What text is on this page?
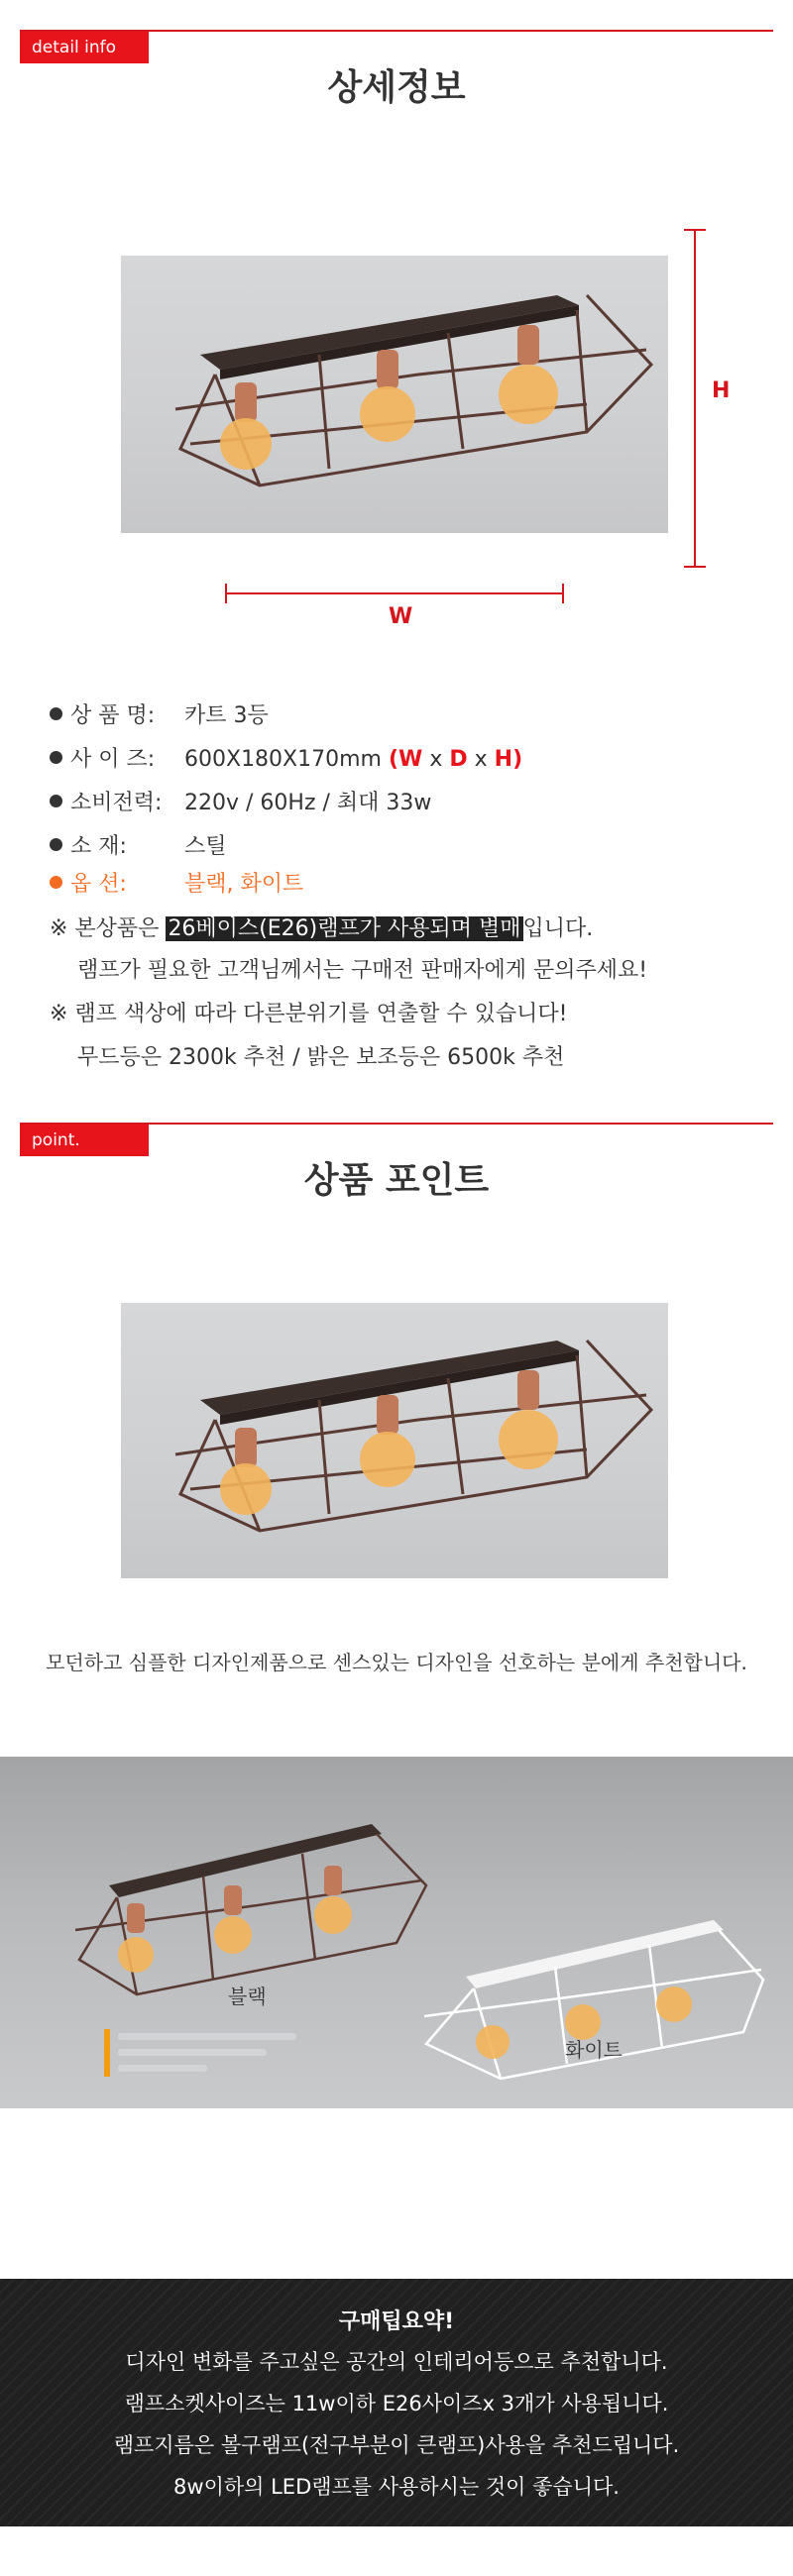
detail info
상세정보
H
W
상 품 명: 카트 3등
사 이 즈: 600X180X170mm (W x D x H)
소비전력: 220v / 60Hz / 최대 33w
소 재:	스틸
옵 션:	블랙, 화이트
※ 본상품은 26베이스(E26)램프가 사용되며 별매입니다.
램프가 필요한 고객님께서는 구매전 판매자에게 문의주세요!
※ 램프 색상에 따라 다른분위기를 연출할 수 있습니다!
무드등은 2300k 추천 / 밝은 보조등은 6500k 추천
point.
상품 포인트
모던하고 심플한 디자인제품으로 센스있는 디자인을 선호하는 분에게 추천합니다.
블랙
화이트
구매팁요약!
디자인 변화를 주고싶은 공간의 인테리어등으로 추천합니다.
램프소켓사이즈는 11w이하 E26사이즈x 3개가 사용됩니다.
램프지름은 볼구램프(전구부분이 큰램프)사용을 추천드립니다.
8w이하의 LED램프를 사용하시는 것이 좋습니다.
